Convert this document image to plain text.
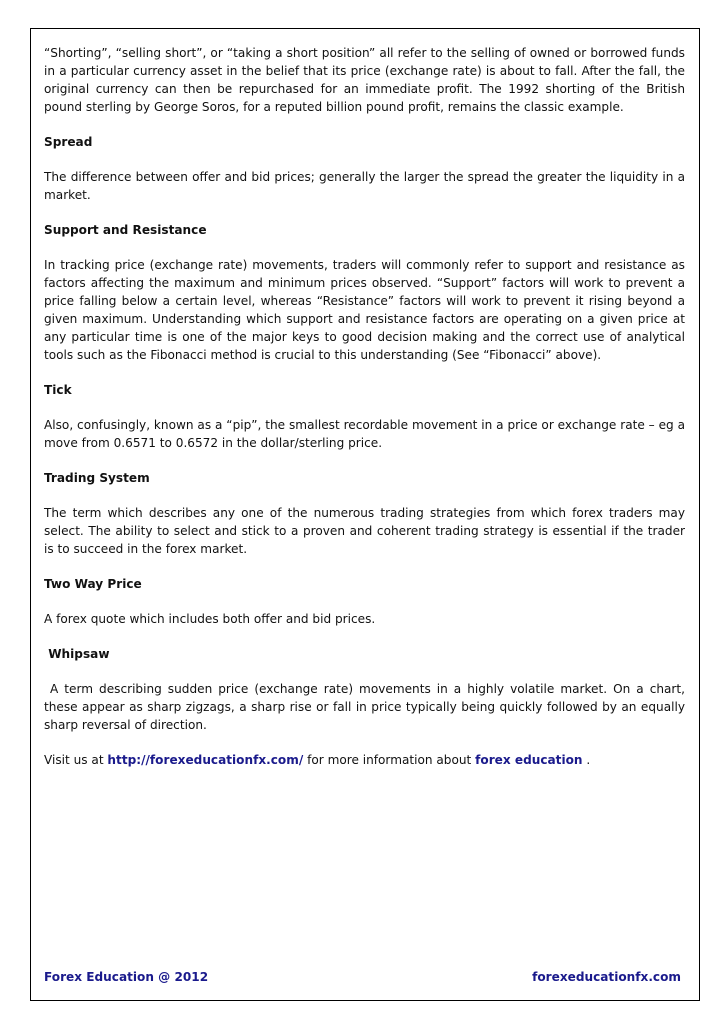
“Shorting”, “selling short”, or “taking a short position” all refer to the selling of owned or borrowed funds in a particular currency asset in the belief that its price (exchange rate) is about to fall. After the fall, the original currency can then be repurchased for an immediate profit. The 1992 shorting of the British pound sterling by George Soros, for a reputed billion pound profit, remains the classic example.

Spread

The difference between offer and bid prices; generally the larger the spread the greater the liquidity in a market.

Support and Resistance

In tracking price (exchange rate) movements, traders will commonly refer to support and resistance as factors affecting the maximum and minimum prices observed. “Support” factors will work to prevent a price falling below a certain level, whereas “Resistance” factors will work to prevent it rising beyond a given maximum. Understanding which support and resistance factors are operating on a given price at any particular time is one of the major keys to good decision making and the correct use of analytical tools such as the Fibonacci method is crucial to this understanding (See “Fibonacci” above).

Tick

Also, confusingly, known as a “pip”, the smallest recordable movement in a price or exchange rate – eg a move from 0.6571 to 0.6572 in the dollar/sterling price.

Trading System

The term which describes any one of the numerous trading strategies from which forex traders may select. The ability to select and stick to a proven and coherent trading strategy is essential if the trader is to succeed in the forex market.

Two Way Price

A forex quote which includes both offer and bid prices.

Whipsaw

A term describing sudden price (exchange rate) movements in a highly volatile market. On a chart, these appear as sharp zigzags, a sharp rise or fall in price typically being quickly followed by an equally sharp reversal of direction.

Visit us at http://forexeducationfx.com/ for more information about forex education .

Forex Education @ 2012	forexeducationfx.com
